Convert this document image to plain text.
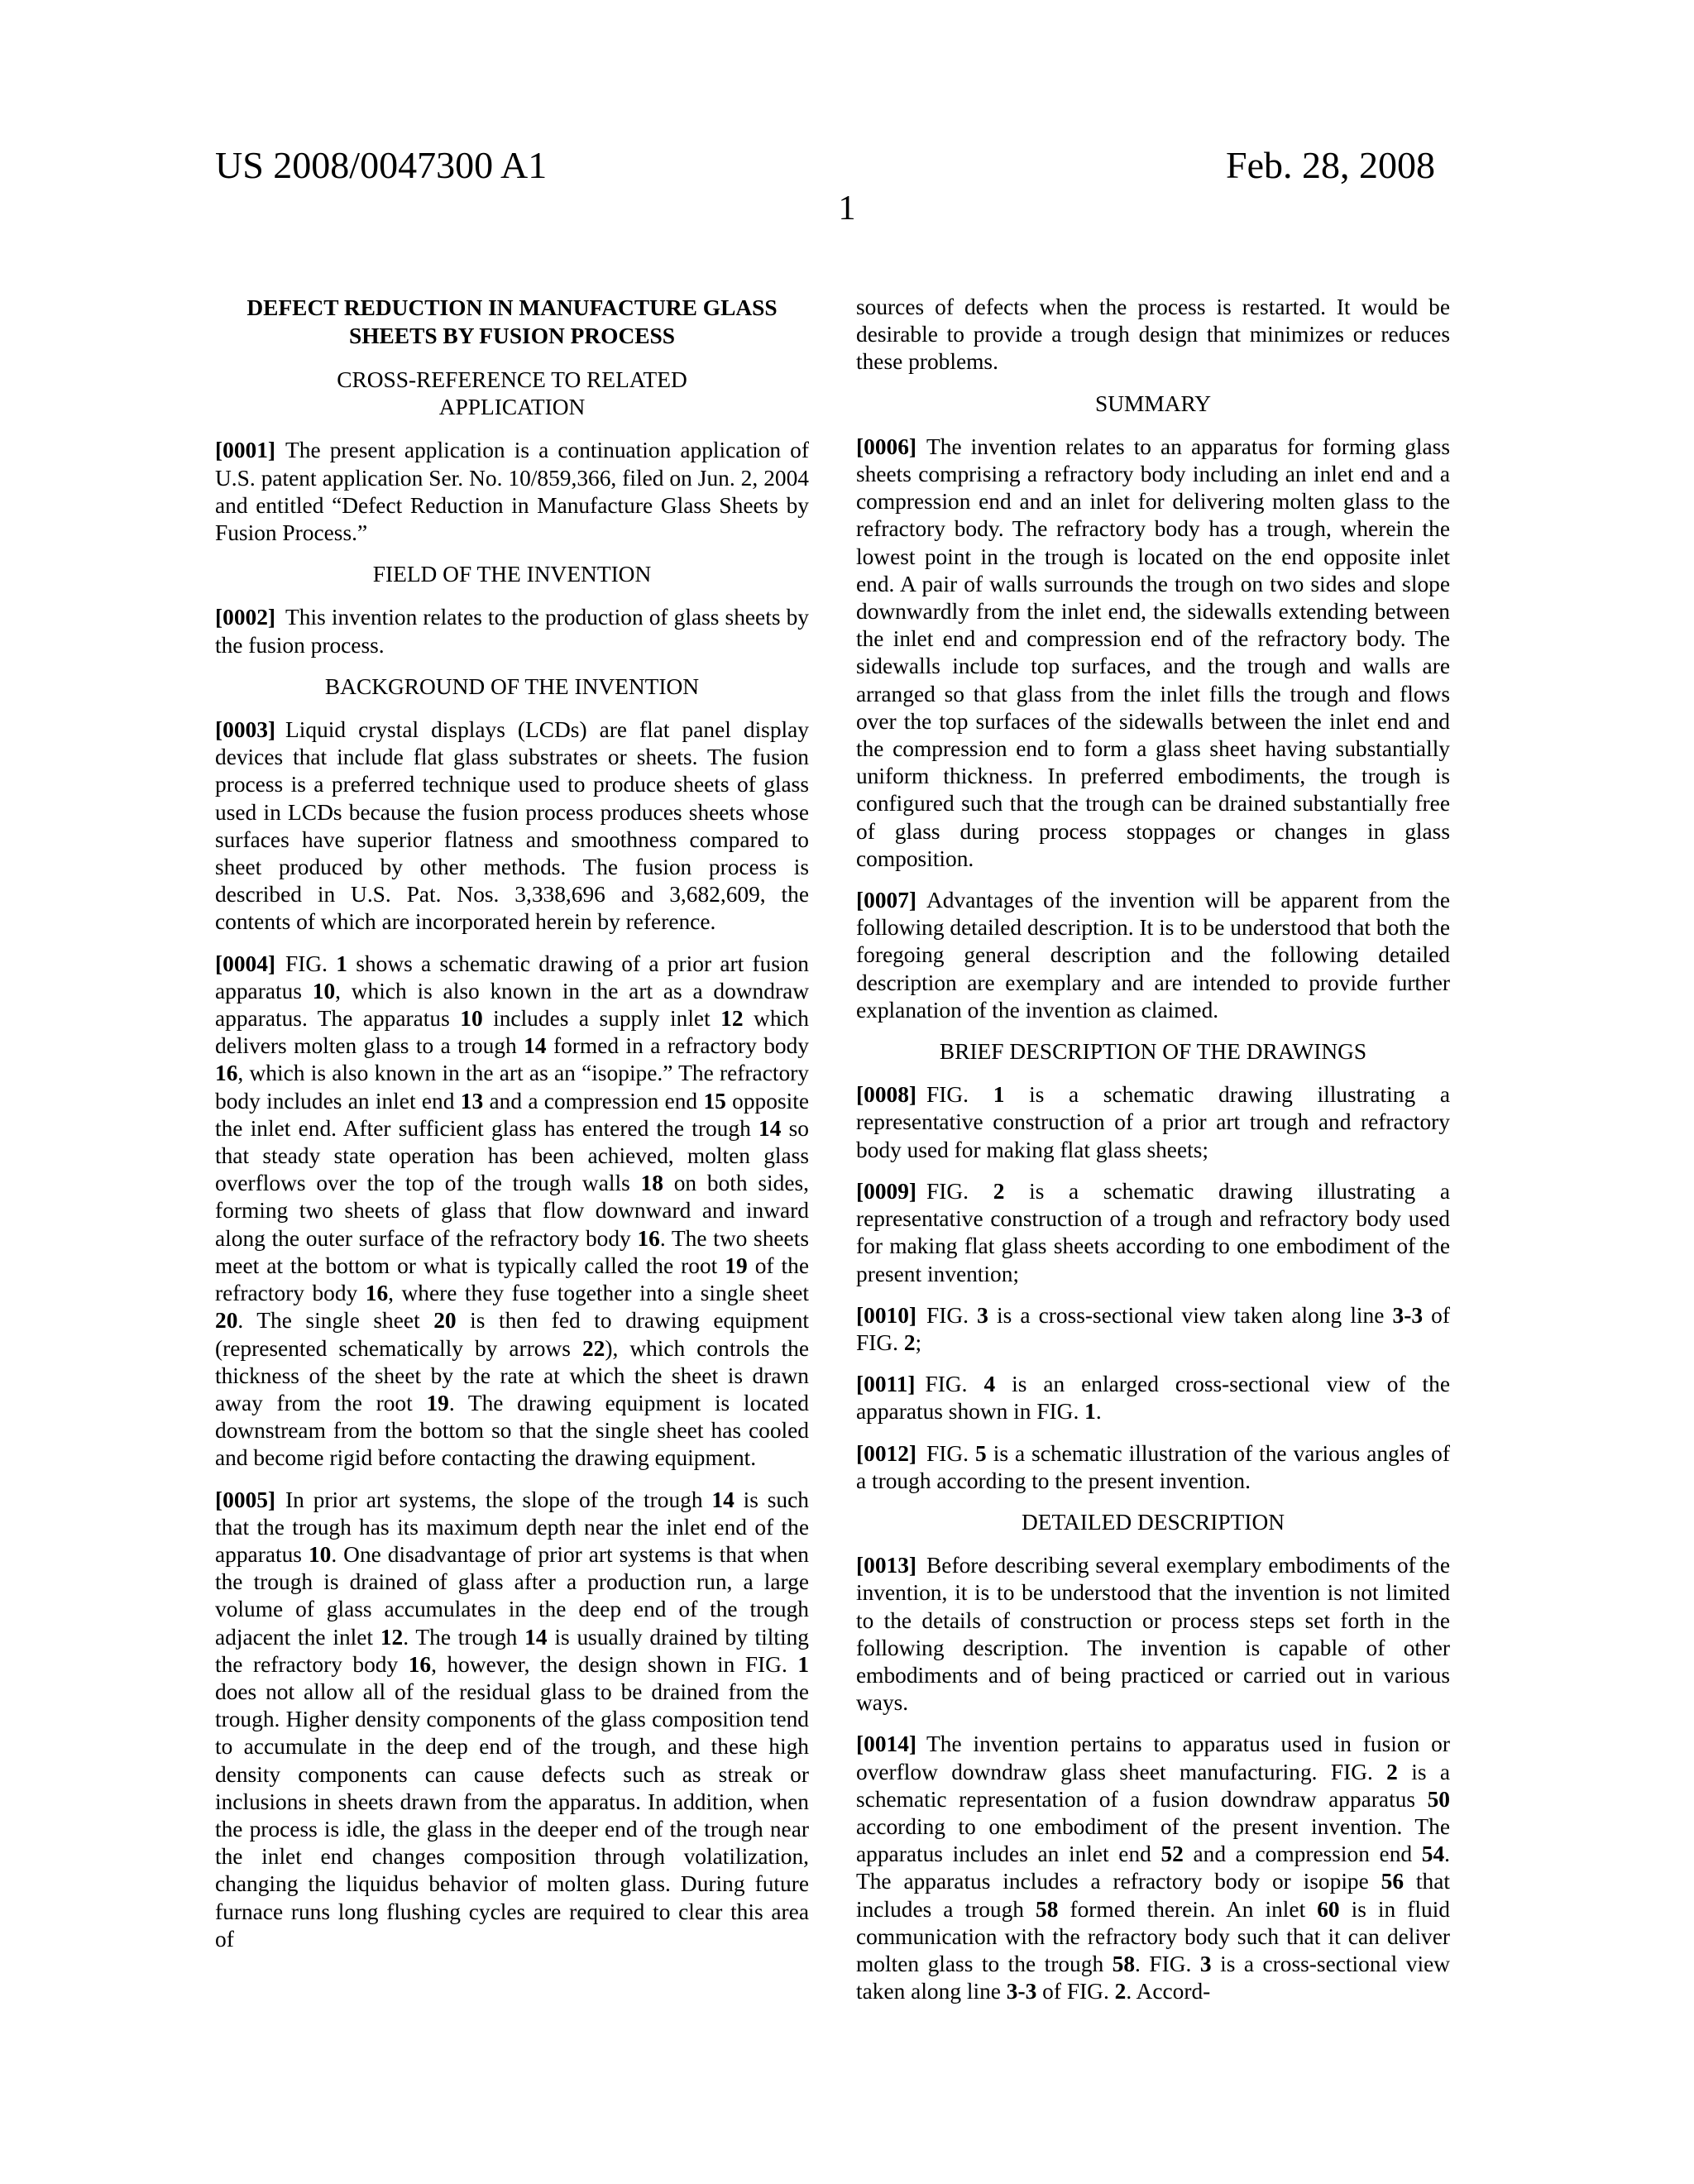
US 2008/0047300 A1	Feb. 28, 2008
1
DEFECT REDUCTION IN MANUFACTURE GLASS
SHEETS BY FUSION PROCESS
CROSS-REFERENCE TO RELATED
APPLICATION

[0001] The present application is a continuation application of U.S. patent application Ser. No. 10/859,366, filed on Jun. 2, 2004 and entitled “Defect Reduction in Manufacture Glass Sheets by Fusion Process.”

FIELD OF THE INVENTION

[0002] This invention relates to the production of glass sheets by the fusion process.

BACKGROUND OF THE INVENTION

[0003] Liquid crystal displays (LCDs) are flat panel display devices that include flat glass substrates or sheets. The fusion process is a preferred technique used to produce sheets of glass used in LCDs because the fusion process produces sheets whose surfaces have superior flatness and smoothness compared to sheet produced by other methods. The fusion process is described in U.S. Pat. Nos. 3,338,696 and 3,682,609, the contents of which are incorporated herein by reference.

[0004] FIG. 1 shows a schematic drawing of a prior art fusion apparatus 10, which is also known in the art as a downdraw apparatus. The apparatus 10 includes a supply inlet 12 which delivers molten glass to a trough 14 formed in a refractory body 16, which is also known in the art as an “isopipe.” The refractory body includes an inlet end 13 and a compression end 15 opposite the inlet end. After sufficient glass has entered the trough 14 so that steady state operation has been achieved, molten glass overflows over the top of the trough walls 18 on both sides, forming two sheets of glass that flow downward and inward along the outer surface of the refractory body 16. The two sheets meet at the bottom or what is typically called the root 19 of the refractory body 16, where they fuse together into a single sheet 20. The single sheet 20 is then fed to drawing equipment (represented schematically by arrows 22), which controls the thickness of the sheet by the rate at which the sheet is drawn away from the root 19. The drawing equipment is located downstream from the bottom so that the single sheet has cooled and become rigid before contacting the drawing equipment.

[0005] In prior art systems, the slope of the trough 14 is such that the trough has its maximum depth near the inlet end of the apparatus 10. One disadvantage of prior art systems is that when the trough is drained of glass after a production run, a large volume of glass accumulates in the deep end of the trough adjacent the inlet 12. The trough 14 is usually drained by tilting the refractory body 16, however, the design shown in FIG. 1 does not allow all of the residual glass to be drained from the trough. Higher density components of the glass composition tend to accumulate in the deep end of the trough, and these high density components can cause defects such as streak or inclusions in sheets drawn from the apparatus. In addition, when the process is idle, the glass in the deeper end of the trough near the inlet end changes composition through volatilization, changing the liquidus behavior of molten glass. During future furnace runs long flushing cycles are required to clear this area of

sources of defects when the process is restarted. It would be desirable to provide a trough design that minimizes or reduces these problems.

SUMMARY

[0006] The invention relates to an apparatus for forming glass sheets comprising a refractory body including an inlet end and a compression end and an inlet for delivering molten glass to the refractory body. The refractory body has a trough, wherein the lowest point in the trough is located on the end opposite inlet end. A pair of walls surrounds the trough on two sides and slope downwardly from the inlet end, the sidewalls extending between the inlet end and compression end of the refractory body. The sidewalls include top surfaces, and the trough and walls are arranged so that glass from the inlet fills the trough and flows over the top surfaces of the sidewalls between the inlet end and the compression end to form a glass sheet having substantially uniform thickness. In preferred embodiments, the trough is configured such that the trough can be drained substantially free of glass during process stoppages or changes in glass composition.

[0007] Advantages of the invention will be apparent from the following detailed description. It is to be understood that both the foregoing general description and the following detailed description are exemplary and are intended to provide further explanation of the invention as claimed.

BRIEF DESCRIPTION OF THE DRAWINGS

[0008] FIG. 1 is a schematic drawing illustrating a representative construction of a prior art trough and refractory body used for making flat glass sheets;

[0009] FIG. 2 is a schematic drawing illustrating a representative construction of a trough and refractory body used for making flat glass sheets according to one embodiment of the present invention;

[0010] FIG. 3 is a cross-sectional view taken along line 3-3 of FIG. 2;

[0011] FIG. 4 is an enlarged cross-sectional view of the apparatus shown in FIG. 1.

[0012] FIG. 5 is a schematic illustration of the various angles of a trough according to the present invention.

DETAILED DESCRIPTION

[0013] Before describing several exemplary embodiments of the invention, it is to be understood that the invention is not limited to the details of construction or process steps set forth in the following description. The invention is capable of other embodiments and of being practiced or carried out in various ways.

[0014] The invention pertains to apparatus used in fusion or overflow downdraw glass sheet manufacturing. FIG. 2 is a schematic representation of a fusion downdraw apparatus 50 according to one embodiment of the present invention. The apparatus includes an inlet end 52 and a compression end 54. The apparatus includes a refractory body or isopipe 56 that includes a trough 58 formed therein. An inlet 60 is in fluid communication with the refractory body such that it can deliver molten glass to the trough 58. FIG. 3 is a cross-sectional view taken along line 3-3 of FIG. 2. Accord-
